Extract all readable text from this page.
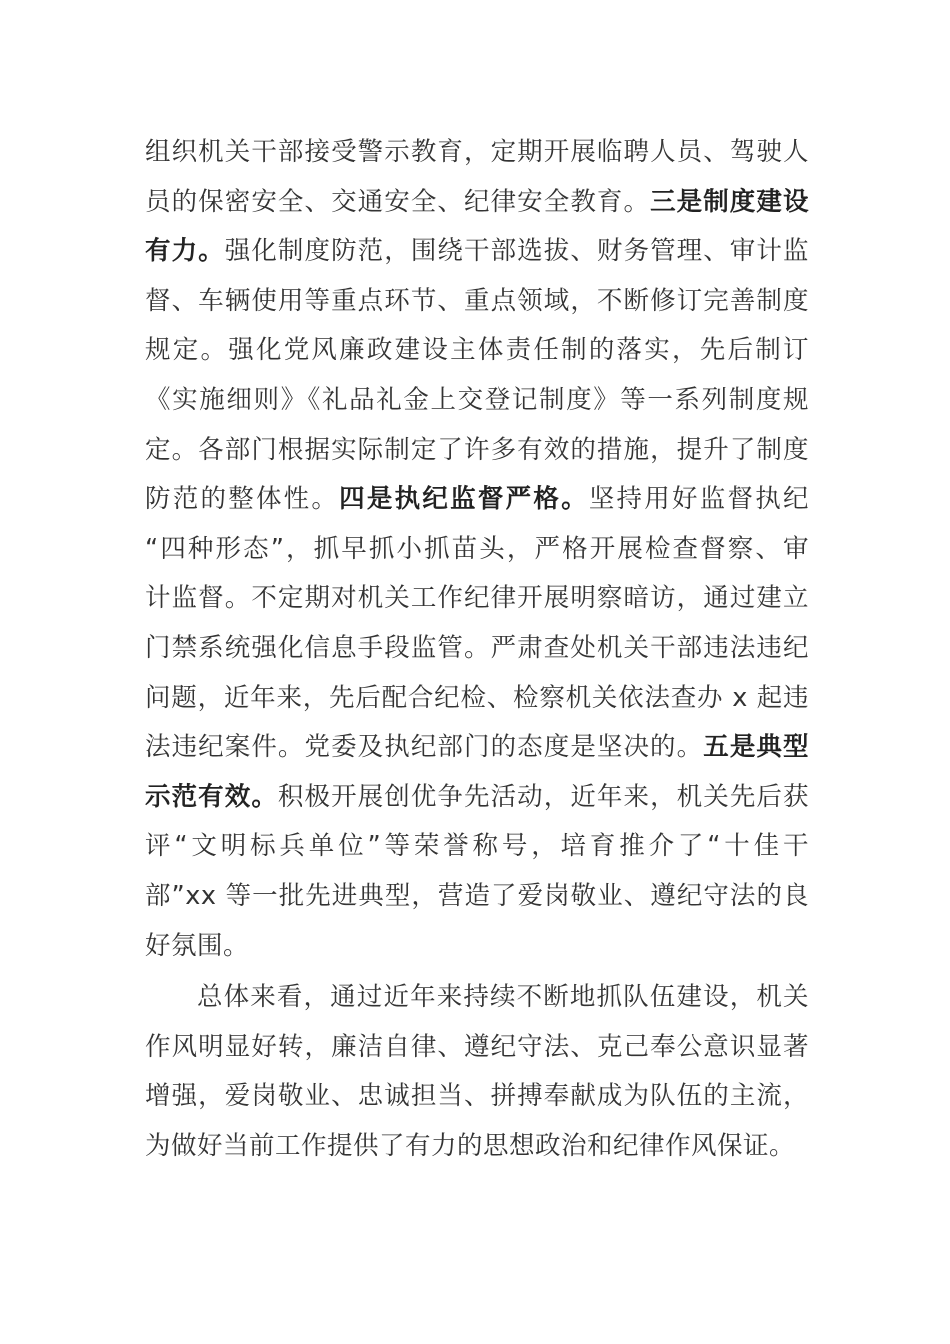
组织机关干部接受警示教育，定期开展临聘人员、驾驶人
员的保密安全、交通安全、纪律安全教育。三是制度建设
有力。强化制度防范，围绕干部选拔、财务管理、审计监
督、车辆使用等重点环节、重点领域，不断修订完善制度
规定。强化党风廉政建设主体责任制的落实，先后制订
《实施细则》《礼品礼金上交登记制度》等一系列制度规
定。各部门根据实际制定了许多有效的措施，提升了制度
防范的整体性。四是执纪监督严格。坚持用好监督执纪
“四种形态”，抓早抓小抓苗头，严格开展检查督察、审
计监督。不定期对机关工作纪律开展明察暗访，通过建立
门禁系统强化信息手段监管。严肃查处机关干部违法违纪
问题，近年来，先后配合纪检、检察机关依法查办 x 起违
法违纪案件。党委及执纪部门的态度是坚决的。五是典型
示范有效。积极开展创优争先活动，近年来，机关先后获
评“文明标兵单位”等荣誉称号，培育推介了“十佳干
部”xx 等一批先进典型，营造了爱岗敬业、遵纪守法的良
好氛围。
总体来看，通过近年来持续不断地抓队伍建设，机关
作风明显好转，廉洁自律、遵纪守法、克己奉公意识显著
增强，爱岗敬业、忠诚担当、拼搏奉献成为队伍的主流，
为做好当前工作提供了有力的思想政治和纪律作风保证。
